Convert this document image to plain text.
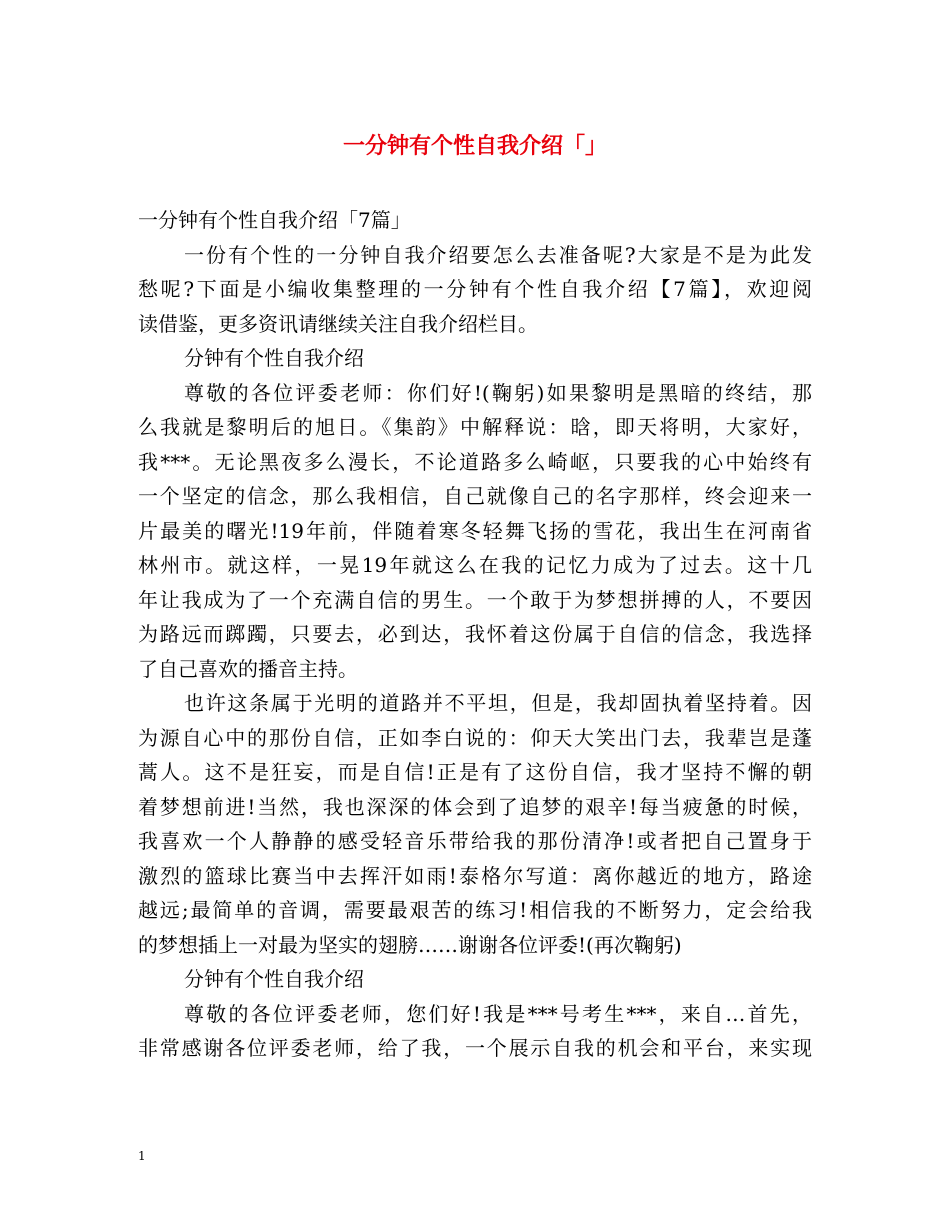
一分钟有个性自我介绍「」
一分钟有个性自我介绍「7篇」
一份有个性的一分钟自我介绍要怎么去准备呢?大家是不是为此发
愁呢?下面是小编收集整理的一分钟有个性自我介绍【7篇】，欢迎阅
读借鉴，更多资讯请继续关注自我介绍栏目。
分钟有个性自我介绍
尊敬的各位评委老师：你们好!(鞠躬)如果黎明是黑暗的终结，那
么我就是黎明后的旭日。《集韵》中解释说：晗，即天将明，大家好，
我***。无论黑夜多么漫长，不论道路多么崎岖，只要我的心中始终有
一个坚定的信念，那么我相信，自己就像自己的名字那样，终会迎来一
片最美的曙光!19年前，伴随着寒冬轻舞飞扬的雪花，我出生在河南省
林州市。就这样，一晃19年就这么在我的记忆力成为了过去。这十几
年让我成为了一个充满自信的男生。一个敢于为梦想拼搏的人，不要因
为路远而踯躅，只要去，必到达，我怀着这份属于自信的信念，我选择
了自己喜欢的播音主持。
也许这条属于光明的道路并不平坦，但是，我却固执着坚持着。因
为源自心中的那份自信，正如李白说的：仰天大笑出门去，我辈岂是蓬
蒿人。这不是狂妄，而是自信!正是有了这份自信，我才坚持不懈的朝
着梦想前进!当然，我也深深的体会到了追梦的艰辛!每当疲惫的时候，
我喜欢一个人静静的感受轻音乐带给我的那份清净!或者把自己置身于
激烈的篮球比赛当中去挥汗如雨!泰格尔写道：离你越近的地方，路途
越远;最简单的音调，需要最艰苦的练习!相信我的不断努力，定会给我
的梦想插上一对最为坚实的翅膀……谢谢各位评委!(再次鞠躬)
分钟有个性自我介绍
尊敬的各位评委老师，您们好!我是***号考生***，来自…首先，
非常感谢各位评委老师，给了我，一个展示自我的机会和平台，来实现
1
